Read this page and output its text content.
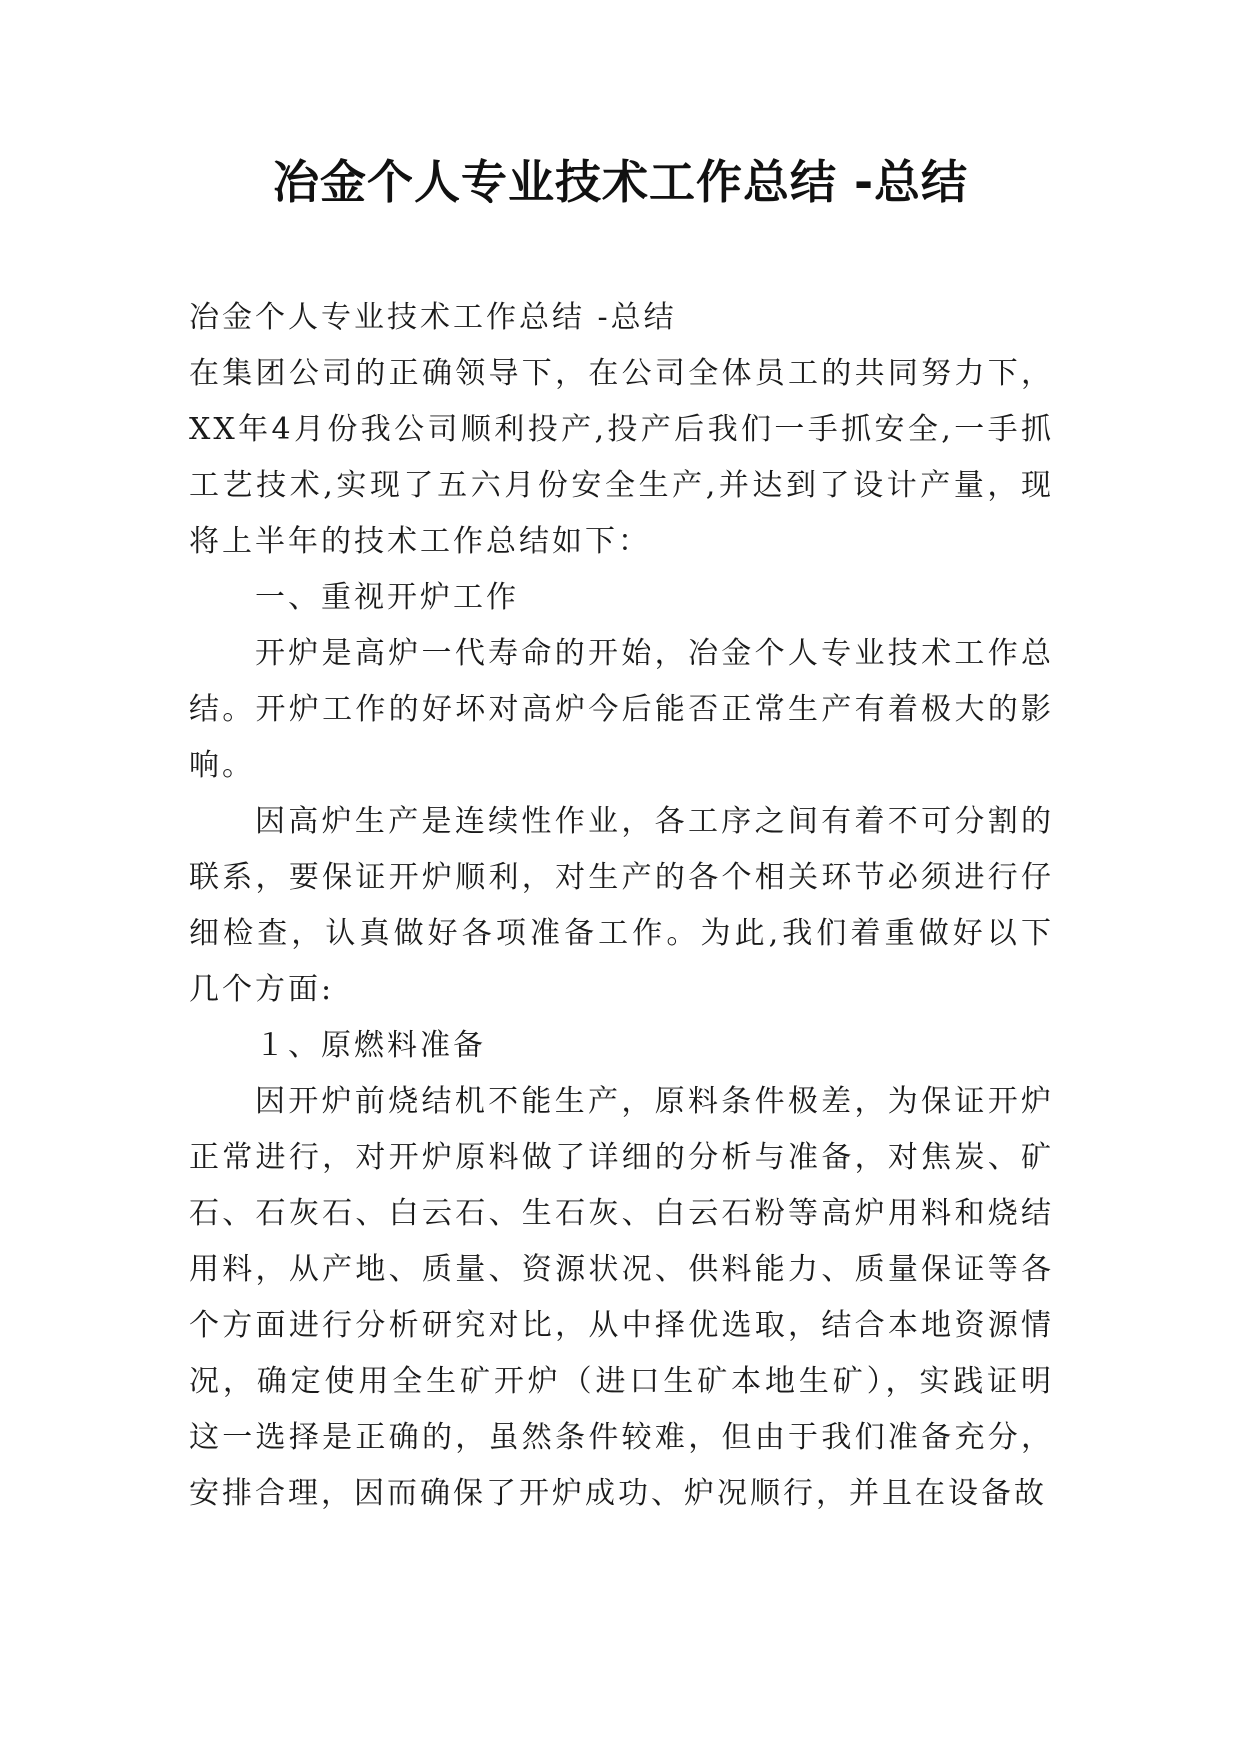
冶金个人专业技术工作总结 -总结

冶金个人专业技术工作总结 -总结

在集团公司的正确领导下，在公司全体员工的共同努力下，XX年4月份我公司顺利投产,投产后我们一手抓安全,一手抓工艺技术,实现了五六月份安全生产,并达到了设计产量，现将上半年的技术工作总结如下：

一、重视开炉工作

开炉是高炉一代寿命的开始，冶金个人专业技术工作总结。开炉工作的好坏对高炉今后能否正常生产有着极大的影响。

因高炉生产是连续性作业，各工序之间有着不可分割的联系，要保证开炉顺利，对生产的各个相关环节必须进行仔细检查，认真做好各项准备工作。为此,我们着重做好以下几个方面:

１、原燃料准备

因开炉前烧结机不能生产，原料条件极差，为保证开炉正常进行，对开炉原料做了详细的分析与准备，对焦炭、矿石、石灰石、白云石、生石灰、白云石粉等高炉用料和烧结用料，从产地、质量、资源状况、供料能力、质量保证等各个方面进行分析研究对比，从中择优选取，结合本地资源情况，确定使用全生矿开炉（进口生矿本地生矿），实践证明这一选择是正确的，虽然条件较难，但由于我们准备充分，安排合理，因而确保了开炉成功、炉况顺行，并且在设备故
